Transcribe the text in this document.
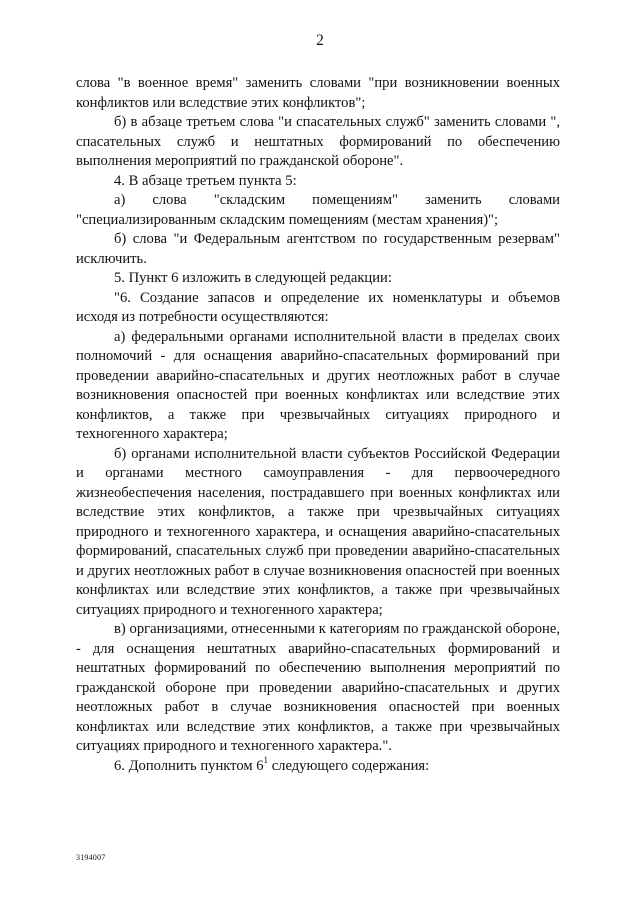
2

слова "в военное время" заменить словами "при возникновении военных конфликтов или вследствие этих конфликтов";

б) в абзаце третьем слова "и спасательных служб" заменить словами ", спасательных служб и нештатных формирований по обеспечению выполнения мероприятий по гражданской обороне".

4. В абзаце третьем пункта 5:

а) слова "складским помещениям" заменить словами "специализированным складским помещениям (местам хранения)";

б) слова "и Федеральным агентством по государственным резервам" исключить.

5. Пункт 6 изложить в следующей редакции:

"6. Создание запасов и определение их номенклатуры и объемов исходя из потребности осуществляются:

а) федеральными органами исполнительной власти в пределах своих полномочий - для оснащения аварийно-спасательных формирований при проведении аварийно-спасательных и других неотложных работ в случае возникновения опасностей при военных конфликтах или вследствие этих конфликтов, а также при чрезвычайных ситуациях природного и техногенного характера;

б) органами исполнительной власти субъектов Российской Федерации и органами местного самоуправления - для первоочередного жизнеобеспечения населения, пострадавшего при военных конфликтах или вследствие этих конфликтов, а также при чрезвычайных ситуациях природного и техногенного характера, и оснащения аварийно-спасательных формирований, спасательных служб при проведении аварийно-спасательных и других неотложных работ в случае возникновения опасностей при военных конфликтах или вследствие этих конфликтов, а также при чрезвычайных ситуациях природного и техногенного характера;

в) организациями, отнесенными к категориям по гражданской обороне, - для оснащения нештатных аварийно-спасательных формирований и нештатных формирований по обеспечению выполнения мероприятий по гражданской обороне при проведении аварийно-спасательных и других неотложных работ в случае возникновения опасностей при военных конфликтах или вследствие этих конфликтов, а также при чрезвычайных ситуациях природного и техногенного характера.".

6. Дополнить пунктом $6^1$ следующего содержания:

3194007
